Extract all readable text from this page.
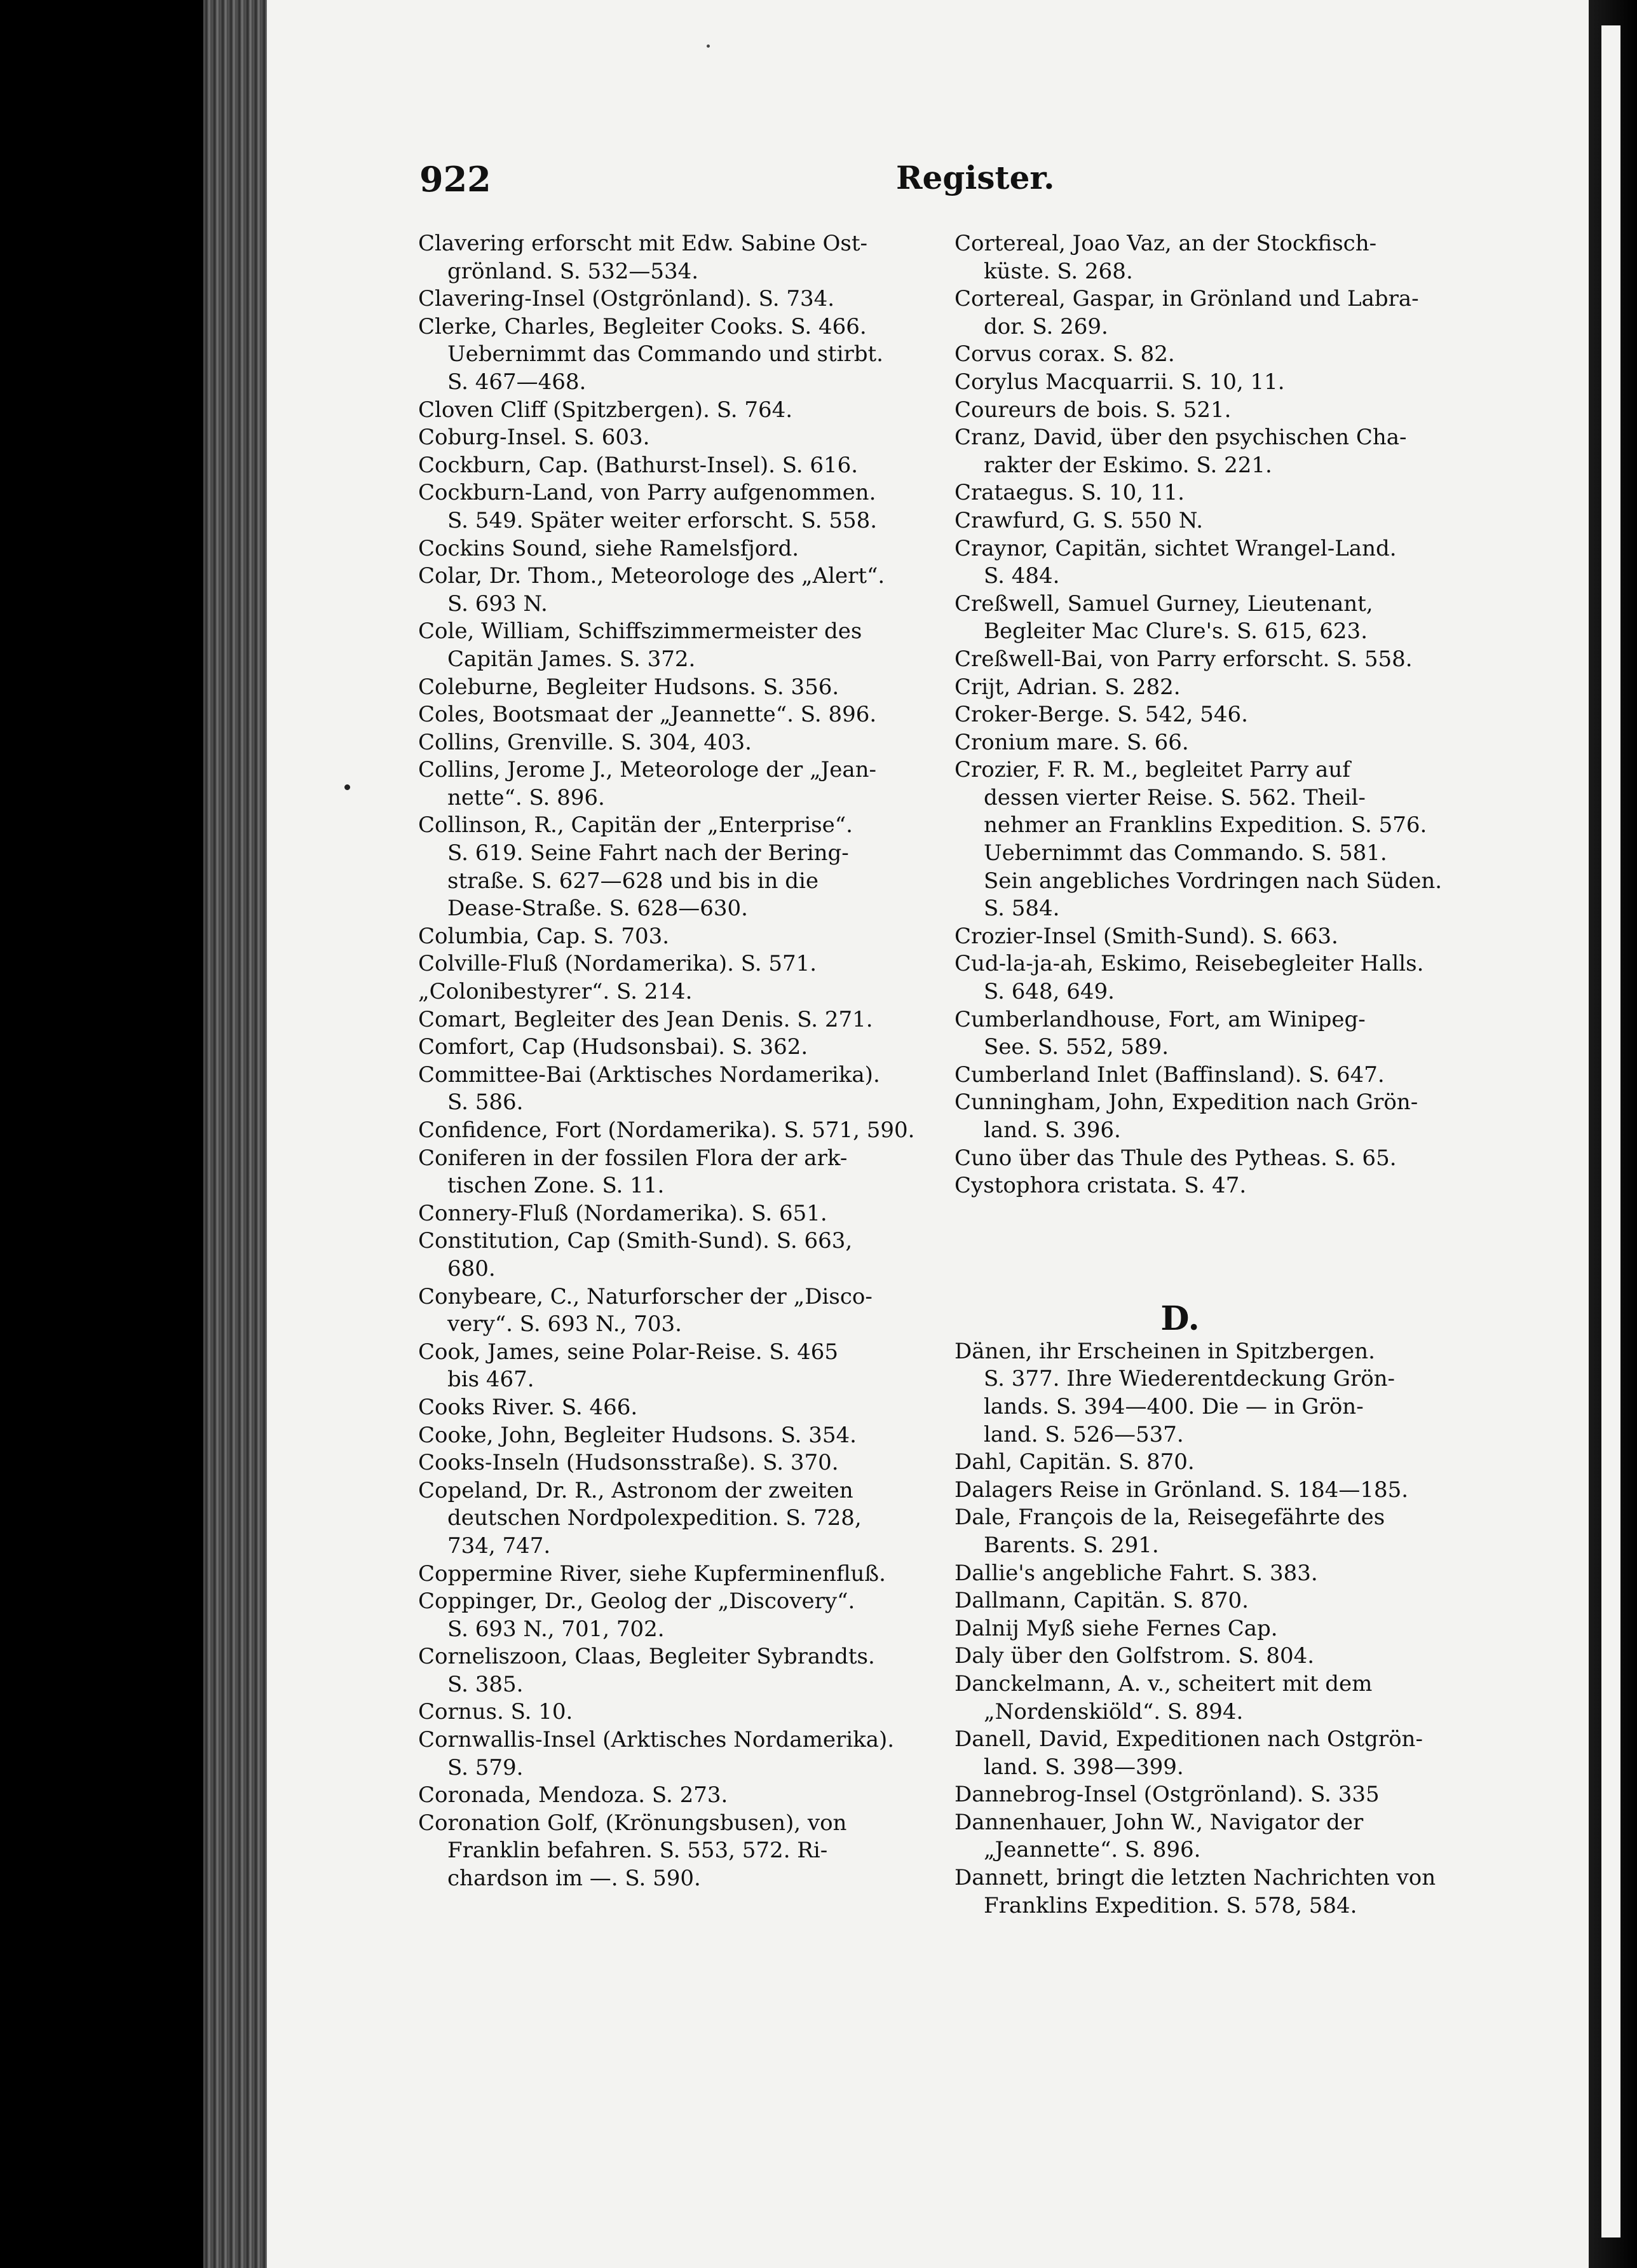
922	Register.
Clavering erforscht mit Edw. Sabine Ost-
grönland. S. 532—534.
Clavering-Insel (Ostgrönland). S. 734.
Clerke, Charles, Begleiter Cooks. S. 466.
Uebernimmt das Commando und stirbt.
S. 467—468.
Cloven Cliff (Spitzbergen). S. 764.
Coburg-Insel. S. 603.
Cockburn, Cap. (Bathurst-Insel). S. 616.
Cockburn-Land, von Parry aufgenommen.
S. 549. Später weiter erforscht. S. 558.
Cockins Sound, siehe Ramelsfjord.
Colar, Dr. Thom., Meteorologe des „Alert“.
S. 693 N.
Cole, William, Schiffszimmermeister des
Capitän James. S. 372.
Coleburne, Begleiter Hudsons. S. 356.
Coles, Bootsmaat der „Jeannette“. S. 896.
Collins, Grenville. S. 304, 403.
Collins, Jerome J., Meteorologe der „Jean-
nette“. S. 896.
Collinson, R., Capitän der „Enterprise“.
S. 619. Seine Fahrt nach der Bering-
straße. S. 627—628 und bis in die
Dease-Straße. S. 628—630.
Columbia, Cap. S. 703.
Colville-Fluß (Nordamerika). S. 571.
„Colonibestyrer“. S. 214.
Comart, Begleiter des Jean Denis. S. 271.
Comfort, Cap (Hudsonsbai). S. 362.
Committee-Bai (Arktisches Nordamerika).
S. 586.
Confidence, Fort (Nordamerika). S. 571, 590.
Coniferen in der fossilen Flora der ark-
tischen Zone. S. 11.
Connery-Fluß (Nordamerika). S. 651.
Constitution, Cap (Smith-Sund). S. 663,
680.
Conybeare, C., Naturforscher der „Disco-
very“. S. 693 N., 703.
Cook, James, seine Polar-Reise. S. 465
bis 467.
Cooks River. S. 466.
Cooke, John, Begleiter Hudsons. S. 354.
Cooks-Inseln (Hudsonsstraße). S. 370.
Copeland, Dr. R., Astronom der zweiten
deutschen Nordpolexpedition. S. 728,
734, 747.
Coppermine River, siehe Kupferminenfluß.
Coppinger, Dr., Geolog der „Discovery“.
S. 693 N., 701, 702.
Corneliszoon, Claas, Begleiter Sybrandts.
S. 385.
Cornus. S. 10.
Cornwallis-Insel (Arktisches Nordamerika).
S. 579.
Coronada, Mendoza. S. 273.
Coronation Golf, (Krönungsbusen), von
Franklin befahren. S. 553, 572. Ri-
chardson im —. S. 590.
Cortereal, Joao Vaz, an der Stockfisch-
küste. S. 268.
Cortereal, Gaspar, in Grönland und Labra-
dor. S. 269.
Corvus corax. S. 82.
Corylus Macquarrii. S. 10, 11.
Coureurs de bois. S. 521.
Cranz, David, über den psychischen Cha-
rakter der Eskimo. S. 221.
Crataegus. S. 10, 11.
Crawfurd, G. S. 550 N.
Craynor, Capitän, sichtet Wrangel-Land.
S. 484.
Creßwell, Samuel Gurney, Lieutenant,
Begleiter Mac Clure's. S. 615, 623.
Creßwell-Bai, von Parry erforscht. S. 558.
Crijt, Adrian. S. 282.
Croker-Berge. S. 542, 546.
Cronium mare. S. 66.
Crozier, F. R. M., begleitet Parry auf
dessen vierter Reise. S. 562. Theil-
nehmer an Franklins Expedition. S. 576.
Uebernimmt das Commando. S. 581.
Sein angebliches Vordringen nach Süden.
S. 584.
Crozier-Insel (Smith-Sund). S. 663.
Cud-la-ja-ah, Eskimo, Reisebegleiter Halls.
S. 648, 649.
Cumberlandhouse, Fort, am Winipeg-
See. S. 552, 589.
Cumberland Inlet (Baffinsland). S. 647.
Cunningham, John, Expedition nach Grön-
land. S. 396.
Cuno über das Thule des Pytheas. S. 65.
Cystophora cristata. S. 47.
D.
Dänen, ihr Erscheinen in Spitzbergen.
S. 377. Ihre Wiederentdeckung Grön-
lands. S. 394—400. Die — in Grön-
land. S. 526—537.
Dahl, Capitän. S. 870.
Dalagers Reise in Grönland. S. 184—185.
Dale, François de la, Reisegefährte des
Barents. S. 291.
Dallie's angebliche Fahrt. S. 383.
Dallmann, Capitän. S. 870.
Dalnij Myß siehe Fernes Cap.
Daly über den Golfstrom. S. 804.
Danckelmann, A. v., scheitert mit dem
„Nordenskiöld“. S. 894.
Danell, David, Expeditionen nach Ostgrön-
land. S. 398—399.
Dannebrog-Insel (Ostgrönland). S. 335
Dannenhauer, John W., Navigator der
„Jeannette“. S. 896.
Dannett, bringt die letzten Nachrichten von
Franklins Expedition. S. 578, 584.
